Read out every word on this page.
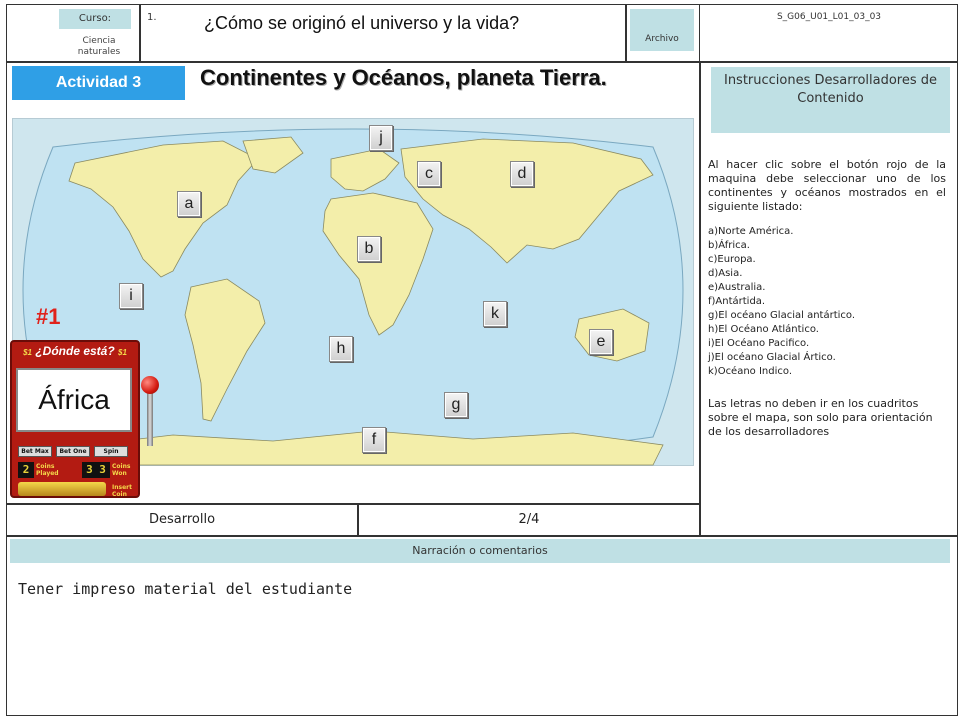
Curso:
Ciencia naturales
1.	¿Cómo se originó el universo y la vida?
Archivo
S_G06_U01_L01_03_03
Actividad 3	Continentes y Océanos, planeta Tierra.
a
b
c	d
e
f
g
h
i
j
k
#1
$1 ¿Dónde está? $1
África
Bet Max	Bet One	Spin
2	Coins Played	3 3	Coins Won
Insert Coin
Instrucciones Desarrolladores de Contenido
Al hacer clic sobre el botón rojo de la maquina debe seleccionar uno de los continentes y océanos mostrados en el siguiente listado:
a)Norte América.
b)África.
c)Europa.
d)Asia.
e)Australia.
f)Antártida.
g)El océano Glacial antártico.
h)El Océano Atlántico.
i)El Océano Pacifico.
j)El océano Glacial Ártico.
k)Océano Indico.
Las letras no deben ir en los cuadritos sobre el mapa, son solo para orientación de los desarrolladores
Desarrollo	2/4
Narración o comentarios
Tener impreso material del estudiante
